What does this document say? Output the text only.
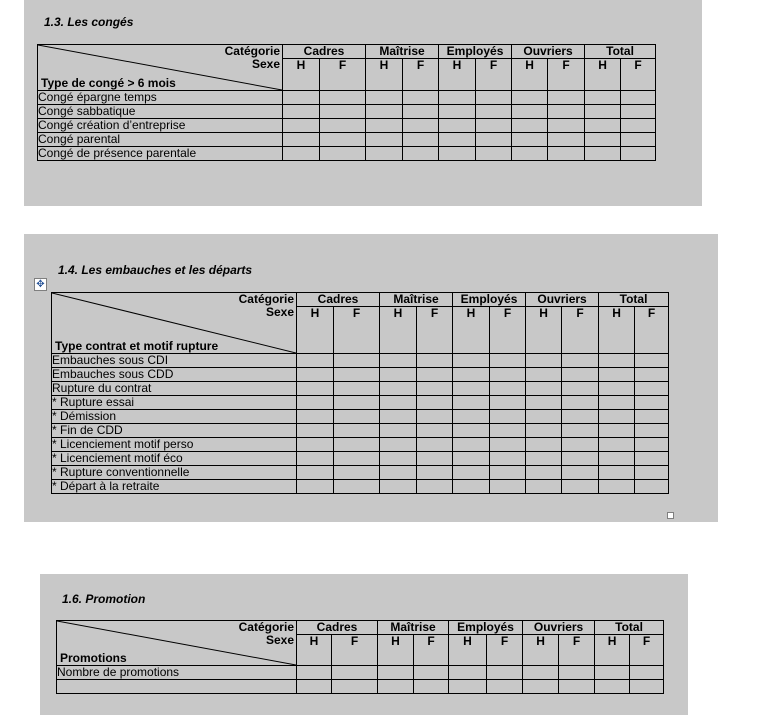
1.3. Les congés
Catégorie
Sexe
Type de congé > 6 mois	Cadres		Maîtrise		Employés		Ouvriers		Total	
	H	F	H	F	H	F	H	F	H	F

Congé épargne temps										
Congé sabbatique										
Congé création d’entreprise										
Congé parental										
Congé de présence parentale										
✥
1.4. Les embauches et les départs
Catégorie
Sexe
Type contrat et motif rupture	Cadres		Maîtrise		Employés		Ouvriers		Total	
	H	F	H	F	H	F	H	F	H	F

Embauches sous CDI										
Embauches sous CDD										
Rupture du contrat										
* Rupture essai										
* Démission										
* Fin de CDD										
* Licenciement motif perso										
* Licenciement motif éco										
* Rupture conventionnelle										
* Départ à la retraite										
1.6. Promotion
Catégorie
Sexe
Promotions	Cadres		Maîtrise		Employés		Ouvriers		Total	
	H	F	H	F	H	F	H	F	H	F

Nombre de promotions										
